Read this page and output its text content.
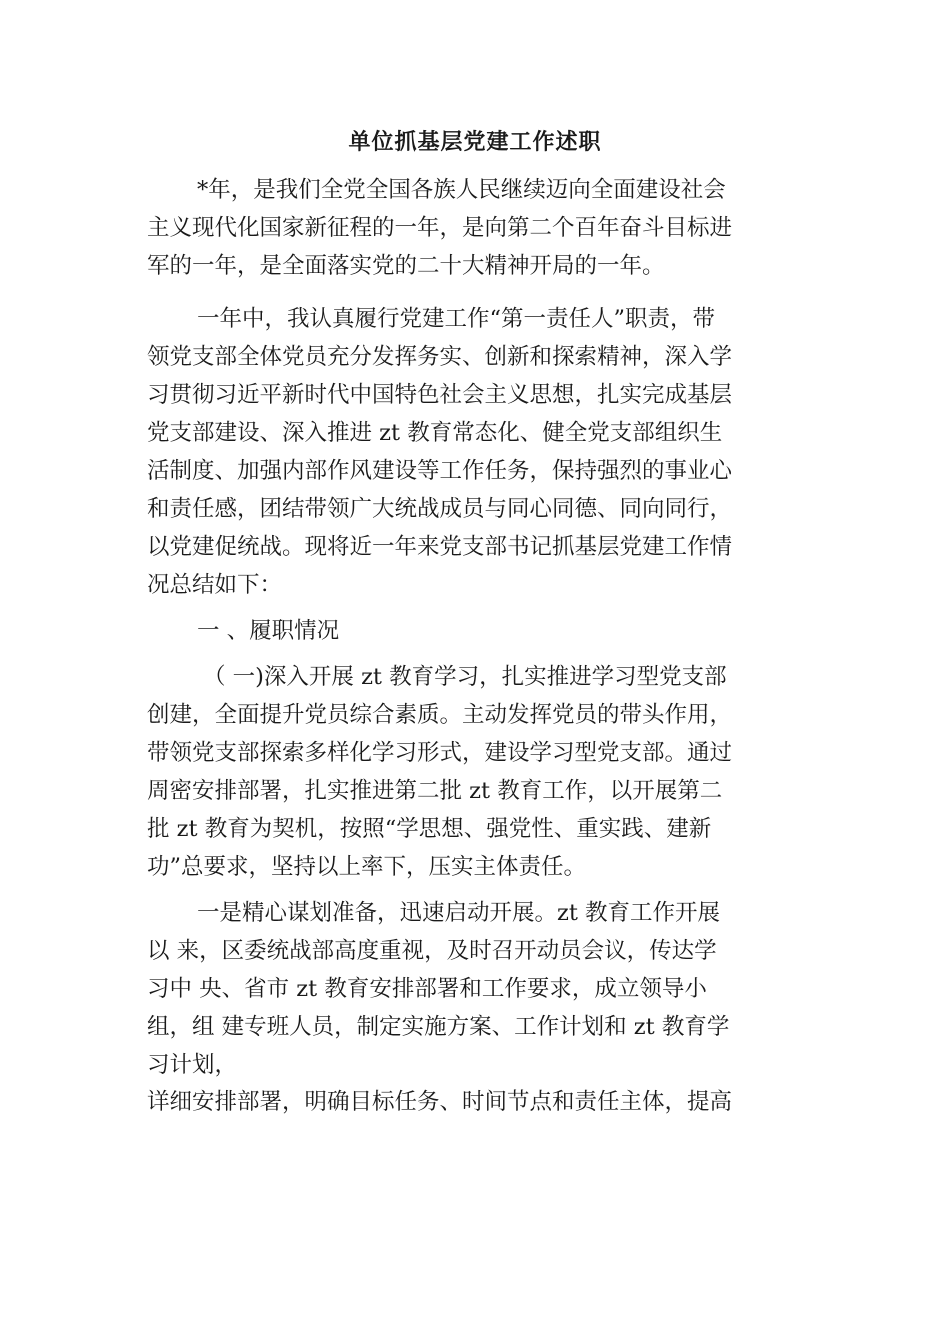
单位抓基层党建工作述职

*年，是我们全党全国各族人民继续迈向全面建设社会

主义现代化国家新征程的一年，是向第二个百年奋斗目标进

军的一年，是全面落实党的二十大精神开局的一年。

一年中，我认真履行党建工作“第一责任人”职责，带

领党支部全体党员充分发挥务实、创新和探索精神，深入学

习贯彻习近平新时代中国特色社会主义思想，扎实完成基层

党支部建设、深入推进 zt 教育常态化、健全党支部组织生

活制度、加强内部作风建设等工作任务，保持强烈的事业心

和责任感，团结带领广大统战成员与同心同德、同向同行，

以党建促统战。现将近一年来党支部书记抓基层党建工作情

况总结如下：

一 、履职情况

（ 一)深入开展 zt 教育学习，扎实推进学习型党支部

创建，全面提升党员综合素质。主动发挥党员的带头作用，

带领党支部探索多样化学习形式，建设学习型党支部。通过

周密安排部署，扎实推进第二批 zt 教育工作，以开展第二

批 zt 教育为契机，按照“学思想、强党性、重实践、建新

功”总要求，坚持以上率下，压实主体责任。

一是精心谋划准备，迅速启动开展。zt 教育工作开展

以 来，区委统战部高度重视，及时召开动员会议，传达学

习中 央、省市 zt 教育安排部署和工作要求，成立领导小

组，组 建专班人员，制定实施方案、工作计划和 zt 教育学

习计划，

详细安排部署，明确目标任务、时间节点和责任主体，提高
